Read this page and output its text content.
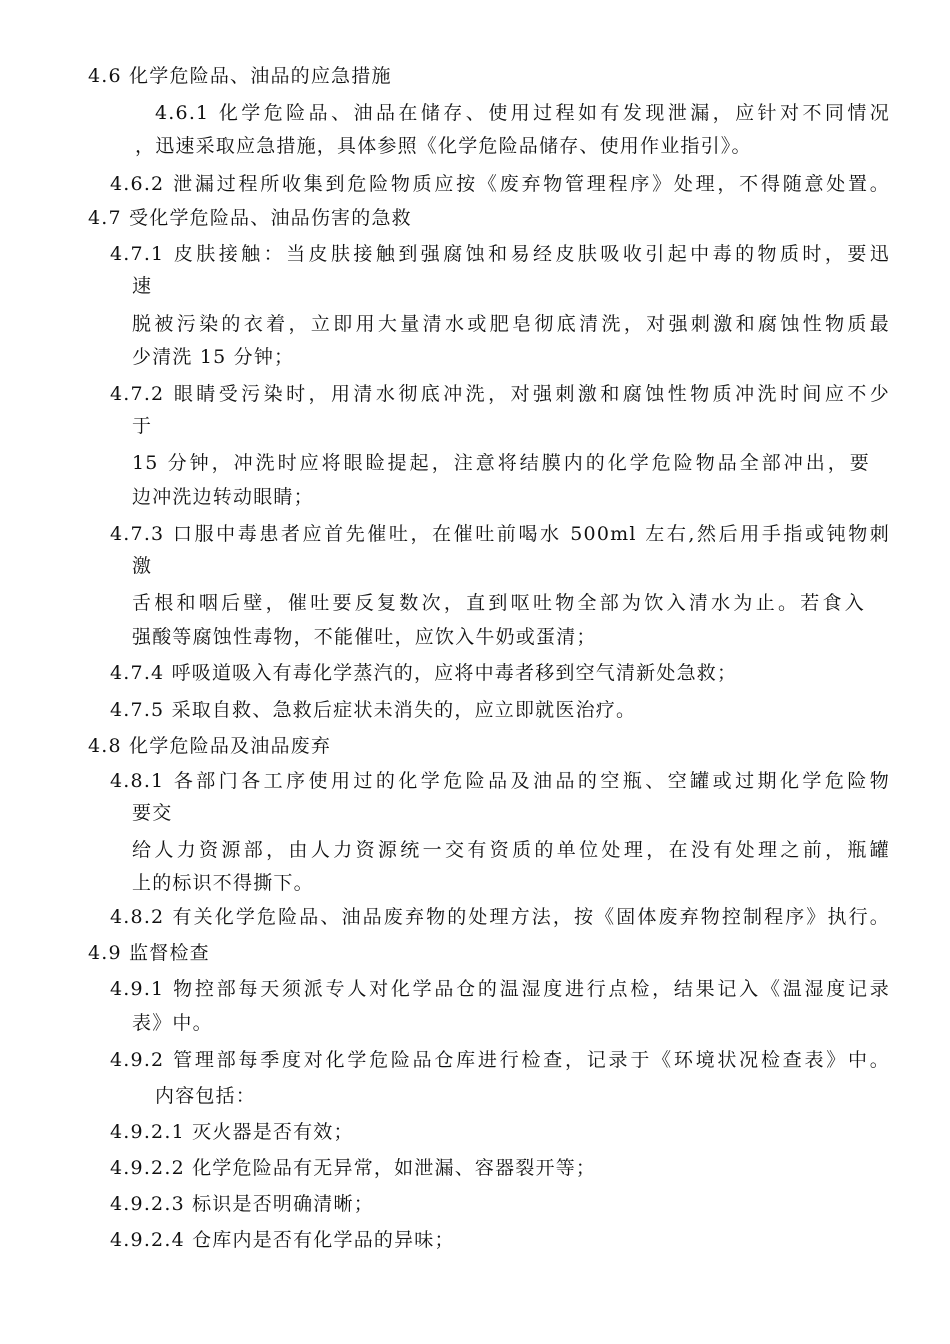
4.6 化学危险品、油品的应急措施
4.6.1 化学危险品、油品在储存、使用过程如有发现泄漏，应针对不同情况
，迅速采取应急措施，具体参照《化学危险品储存、使用作业指引》。
4.6.2 泄漏过程所收集到危险物质应按《废弃物管理程序》处理，不得随意处置。
4.7 受化学危险品、油品伤害的急救
4.7.1 皮肤接触：当皮肤接触到强腐蚀和易经皮肤吸收引起中毒的物质时，要迅
速
脱被污染的衣着，立即用大量清水或肥皂彻底清洗，对强刺激和腐蚀性物质最
少清洗 15 分钟；
4.7.2 眼睛受污染时，用清水彻底冲洗，对强刺激和腐蚀性物质冲洗时间应不少
于
15 分钟，冲洗时应将眼睑提起，注意将结膜内的化学危险物品全部冲出，要
边冲洗边转动眼睛；
4.7.3 口服中毒患者应首先催吐，在催吐前喝水 500ml 左右,然后用手指或钝物刺
激
舌根和咽后壁，催吐要反复数次，直到呕吐物全部为饮入清水为止。若食入
强酸等腐蚀性毒物，不能催吐，应饮入牛奶或蛋清；
4.7.4 呼吸道吸入有毒化学蒸汽的，应将中毒者移到空气清新处急救；
4.7.5 采取自救、急救后症状未消失的，应立即就医治疗。
4.8 化学危险品及油品废弃
4.8.1 各部门各工序使用过的化学危险品及油品的空瓶、空罐或过期化学危险物
要交
给人力资源部，由人力资源统一交有资质的单位处理，在没有处理之前，瓶罐
上的标识不得撕下。
4.8.2 有关化学危险品、油品废弃物的处理方法，按《固体废弃物控制程序》执行。
4.9 监督检查
4.9.1 物控部每天须派专人对化学品仓的温湿度进行点检，结果记入《温湿度记录
表》中。
4.9.2 管理部每季度对化学危险品仓库进行检查，记录于《环境状况检查表》中。
内容包括：
4.9.2.1 灭火器是否有效；
4.9.2.2 化学危险品有无异常，如泄漏、容器裂开等；
4.9.2.3 标识是否明确清晰；
4.9.2.4 仓库内是否有化学品的异味；
